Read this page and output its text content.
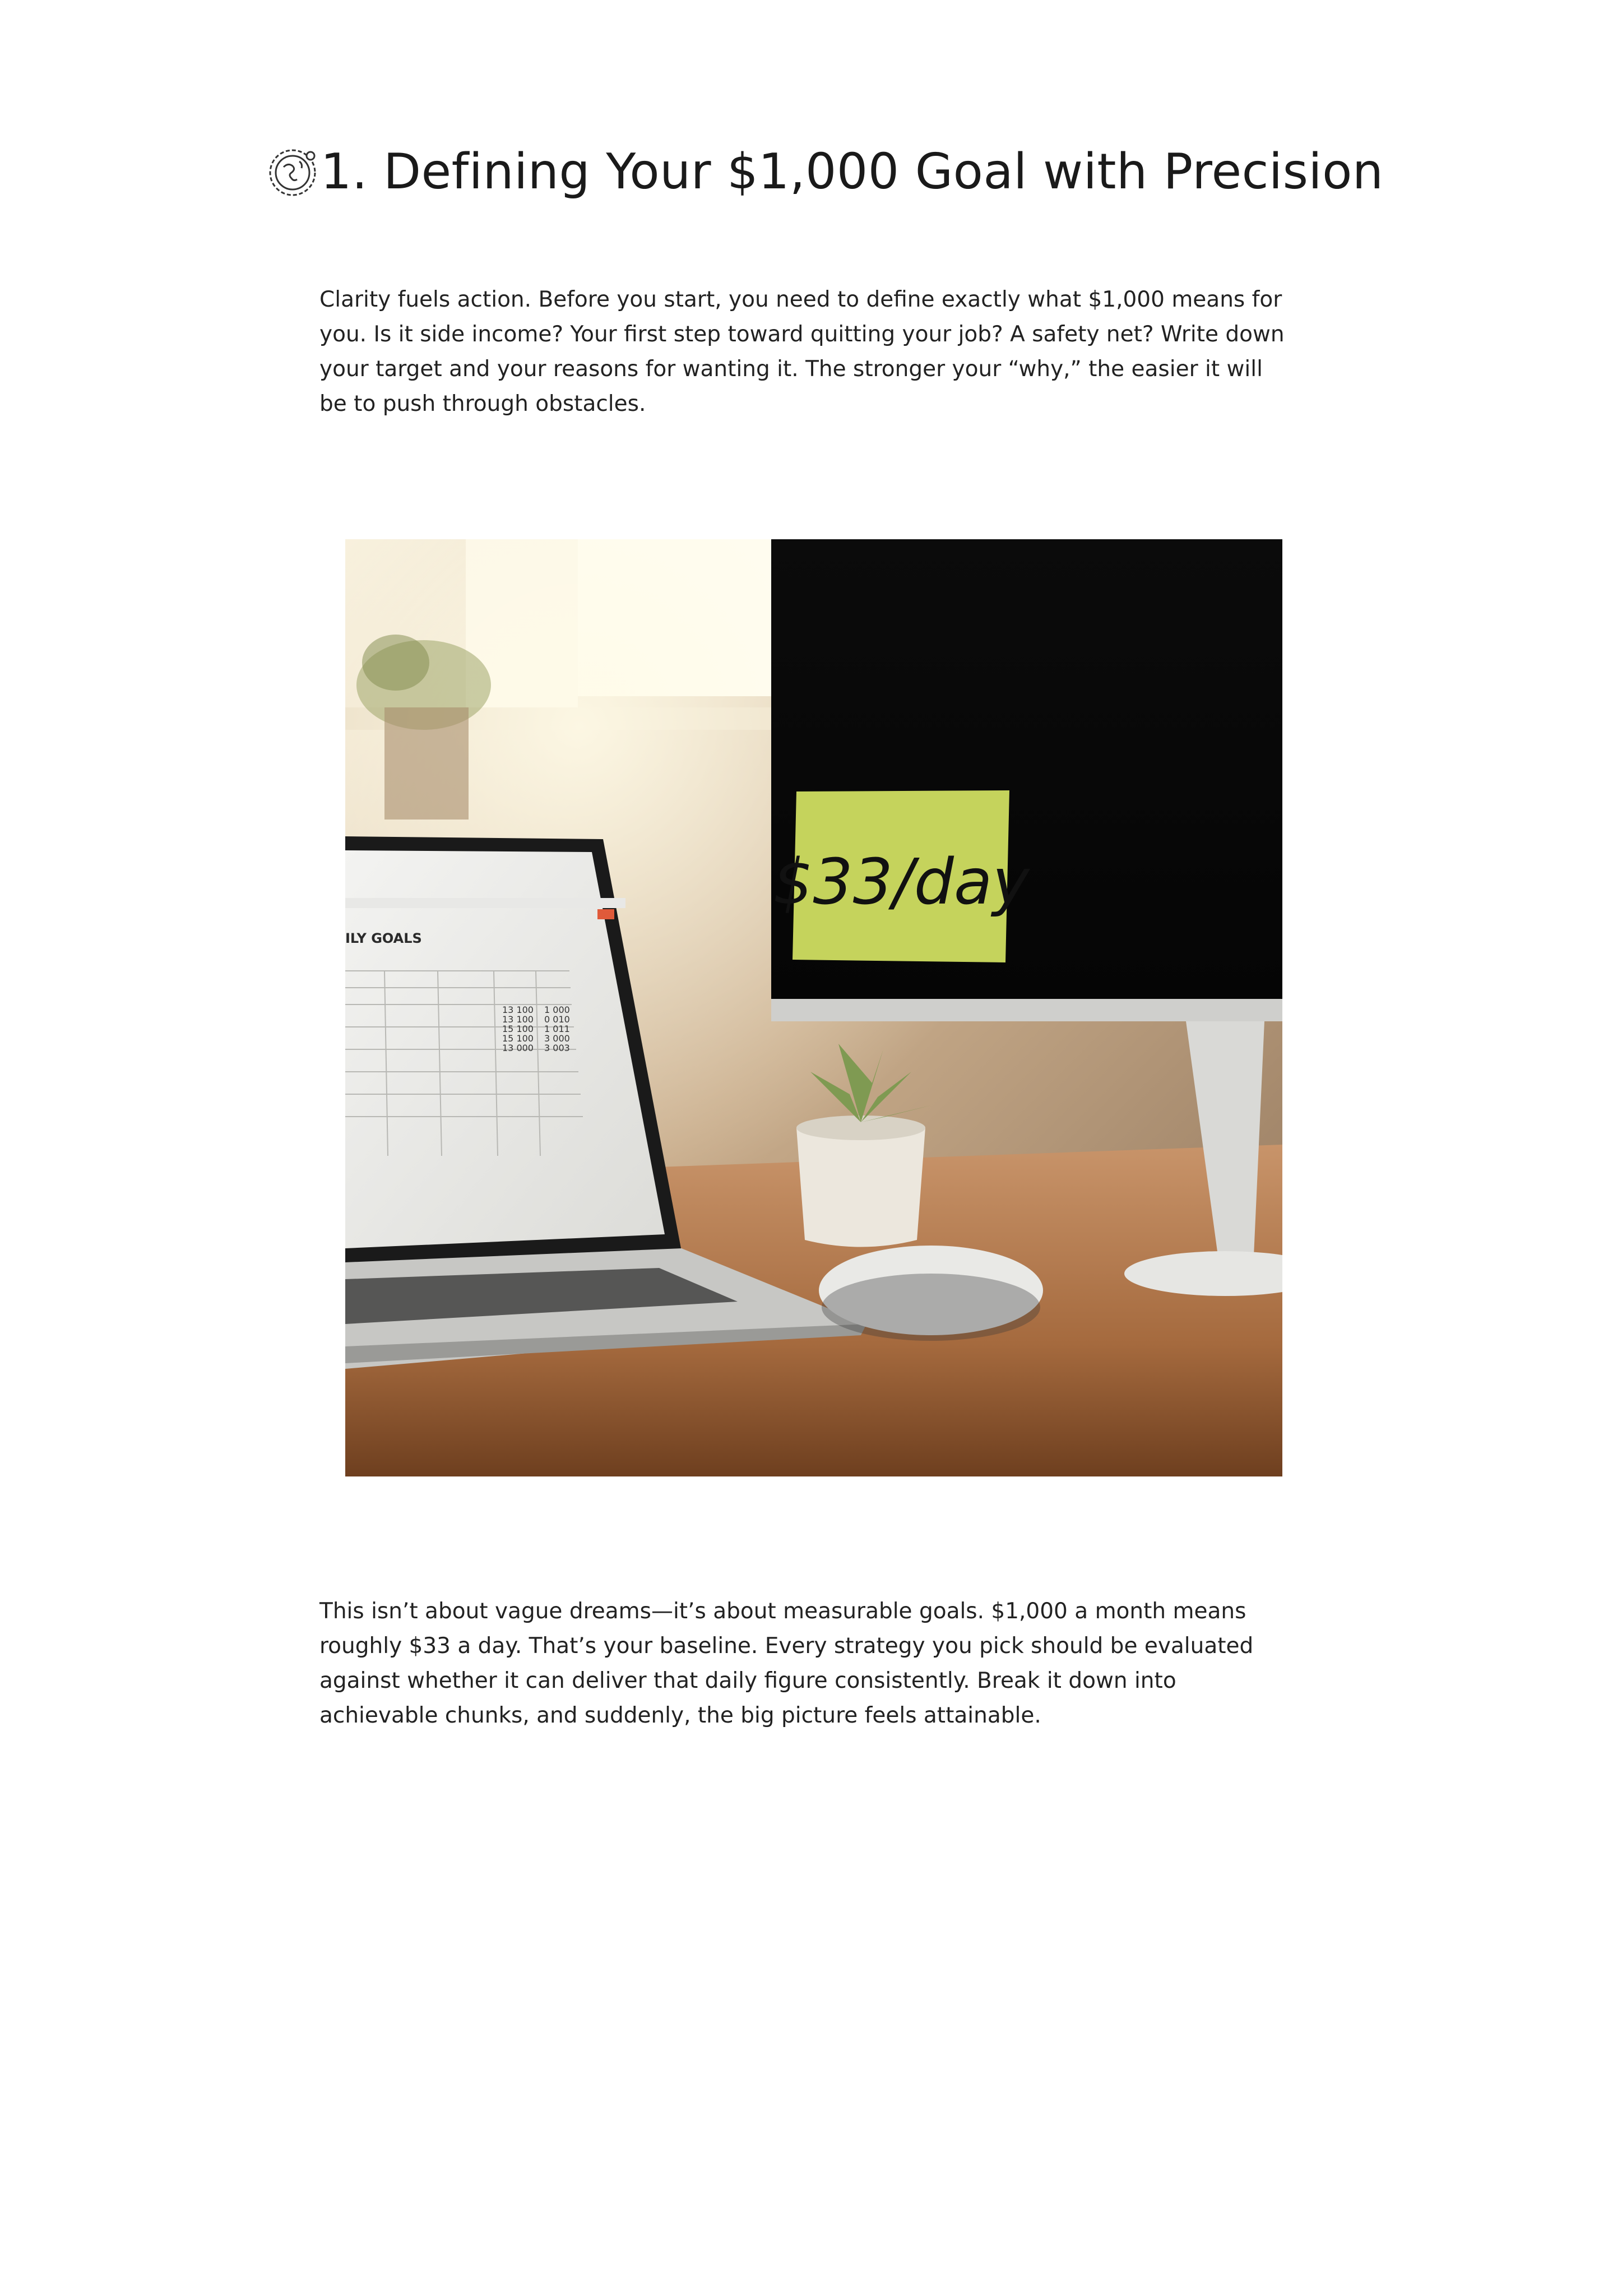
1. Defining Your $1,000 Goal with Precision

Clarity fuels action. Before you start, you need to define exactly what $1,000 means for you. Is it side income? Your first step toward quitting your job? A safety net? Write down your target and your reasons for wanting it. The stronger your “why,” the easier it will be to push through obstacles.

$33/day
ILY GOALS
13 100
13 100
15 100
15 100
13 000
1 000
0 010
1 011
3 000
3 003

This isn’t about vague dreams—it’s about measurable goals. $1,000 a month means roughly $33 a day. That’s your baseline. Every strategy you pick should be evaluated against whether it can deliver that daily figure consistently. Break it down into achievable chunks, and suddenly, the big picture feels attainable.
